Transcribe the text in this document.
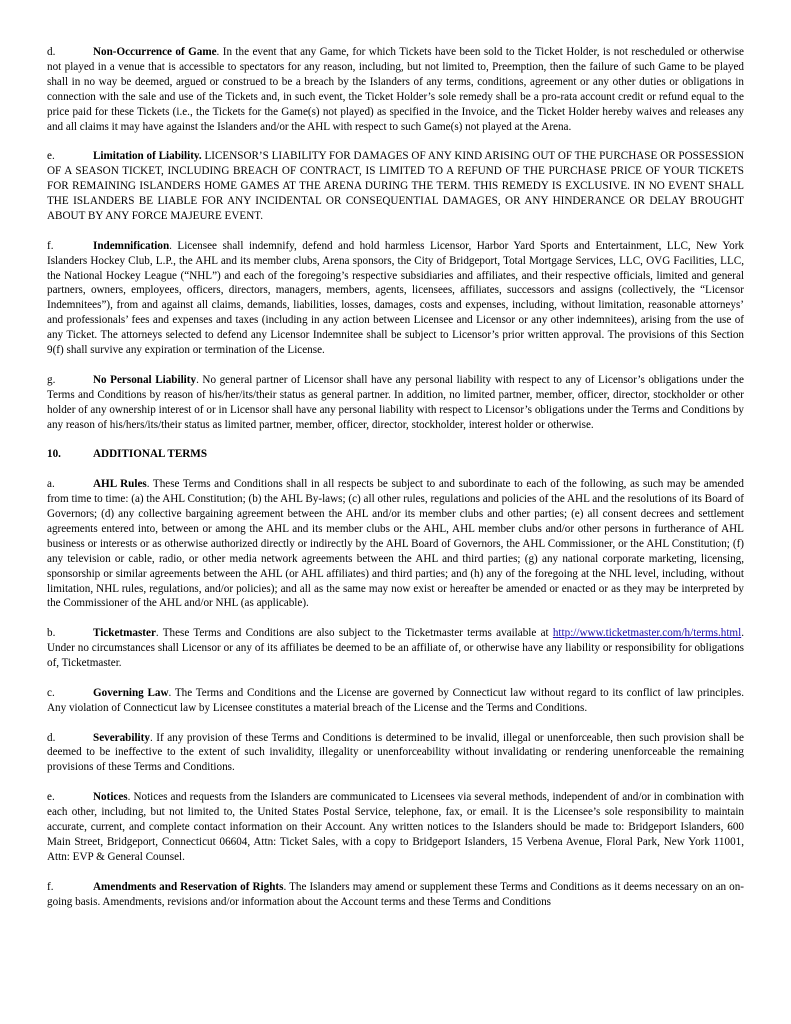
d.	Non-Occurrence of Game. In the event that any Game, for which Tickets have been sold to the Ticket Holder, is not rescheduled or otherwise not played in a venue that is accessible to spectators for any reason, including, but not limited to, Preemption, then the failure of such Game to be played shall in no way be deemed, argued or construed to be a breach by the Islanders of any terms, conditions, agreement or any other duties or obligations in connection with the sale and use of the Tickets and, in such event, the Ticket Holder’s sole remedy shall be a pro-rata account credit or refund equal to the price paid for these Tickets (i.e., the Tickets for the Game(s) not played) as specified in the Invoice, and the Ticket Holder hereby waives and releases any and all claims it may have against the Islanders and/or the AHL with respect to such Game(s) not played at the Arena.

e.	Limitation of Liability. LICENSOR’S LIABILITY FOR DAMAGES OF ANY KIND ARISING OUT OF THE PURCHASE OR POSSESSION OF A SEASON TICKET, INCLUDING BREACH OF CONTRACT, IS LIMITED TO A REFUND OF THE PURCHASE PRICE OF YOUR TICKETS FOR REMAINING ISLANDERS HOME GAMES AT THE ARENA DURING THE TERM. THIS REMEDY IS EXCLUSIVE. IN NO EVENT SHALL THE ISLANDERS BE LIABLE FOR ANY INCIDENTAL OR CONSEQUENTIAL DAMAGES, OR ANY HINDERANCE OR DELAY BROUGHT ABOUT BY ANY FORCE MAJEURE EVENT.

f.	Indemnification. Licensee shall indemnify, defend and hold harmless Licensor, Harbor Yard Sports and Entertainment, LLC, New York Islanders Hockey Club, L.P., the AHL and its member clubs, Arena sponsors, the City of Bridgeport, Total Mortgage Services, LLC, OVG Facilities, LLC, the National Hockey League (“NHL”) and each of the foregoing’s respective subsidiaries and affiliates, and their respective officials, limited and general partners, owners, employees, officers, directors, managers, members, agents, licensees, affiliates, successors and assigns (collectively, the “Licensor Indemnitees”), from and against all claims, demands, liabilities, losses, damages, costs and expenses, including, without limitation, reasonable attorneys’ and professionals’ fees and expenses and taxes (including in any action between Licensee and Licensor or any other indemnitees), arising from the use of any Ticket. The attorneys selected to defend any Licensor Indemnitee shall be subject to Licensor’s prior written approval. The provisions of this Section 9(f) shall survive any expiration or termination of the License.

g.	No Personal Liability. No general partner of Licensor shall have any personal liability with respect to any of Licensor’s obligations under the Terms and Conditions by reason of his/her/its/their status as general partner. In addition, no limited partner, member, officer, director, stockholder or other holder of any ownership interest of or in Licensor shall have any personal liability with respect to Licensor’s obligations under the Terms and Conditions by any reason of his/hers/its/their status as limited partner, member, officer, director, stockholder, interest holder or otherwise.

10.	ADDITIONAL TERMS

a.	AHL Rules. These Terms and Conditions shall in all respects be subject to and subordinate to each of the following, as such may be amended from time to time: (a) the AHL Constitution; (b) the AHL By-laws; (c) all other rules, regulations and policies of the AHL and the resolutions of its Board of Governors; (d) any collective bargaining agreement between the AHL and/or its member clubs and other parties; (e) all consent decrees and settlement agreements entered into, between or among the AHL and its member clubs or the AHL, AHL member clubs and/or other persons in furtherance of AHL business or interests or as otherwise authorized directly or indirectly by the AHL Board of Governors, the AHL Commissioner, or the AHL Constitution; (f) any television or cable, radio, or other media network agreements between the AHL and third parties; (g) any national corporate marketing, licensing, sponsorship or similar agreements between the AHL (or AHL affiliates) and third parties; and (h) any of the foregoing at the NHL level, including, without limitation, NHL rules, regulations, and/or policies); and all as the same may now exist or hereafter be amended or enacted or as they may be interpreted by the Commissioner of the AHL and/or NHL (as applicable).

b.	Ticketmaster. These Terms and Conditions are also subject to the Ticketmaster terms available at http://www.ticketmaster.com/h/terms.html. Under no circumstances shall Licensor or any of its affiliates be deemed to be an affiliate of, or otherwise have any liability or responsibility for obligations of, Ticketmaster.

c.	Governing Law. The Terms and Conditions and the License are governed by Connecticut law without regard to its conflict of law principles. Any violation of Connecticut law by Licensee constitutes a material breach of the License and the Terms and Conditions.

d.	Severability. If any provision of these Terms and Conditions is determined to be invalid, illegal or unenforceable, then such provision shall be deemed to be ineffective to the extent of such invalidity, illegality or unenforceability without invalidating or rendering unenforceable the remaining provisions of these Terms and Conditions.

e.	Notices. Notices and requests from the Islanders are communicated to Licensees via several methods, independent of and/or in combination with each other, including, but not limited to, the United States Postal Service, telephone, fax, or email. It is the Licensee’s sole responsibility to maintain accurate, current, and complete contact information on their Account. Any written notices to the Islanders should be made to: Bridgeport Islanders, 600 Main Street, Bridgeport, Connecticut 06604, Attn: Ticket Sales, with a copy to Bridgeport Islanders, 15 Verbena Avenue, Floral Park, New York 11001, Attn: EVP & General Counsel.

f.	Amendments and Reservation of Rights. The Islanders may amend or supplement these Terms and Conditions as it deems necessary on an on-going basis. Amendments, revisions and/or information about the Account terms and these Terms and Conditions
